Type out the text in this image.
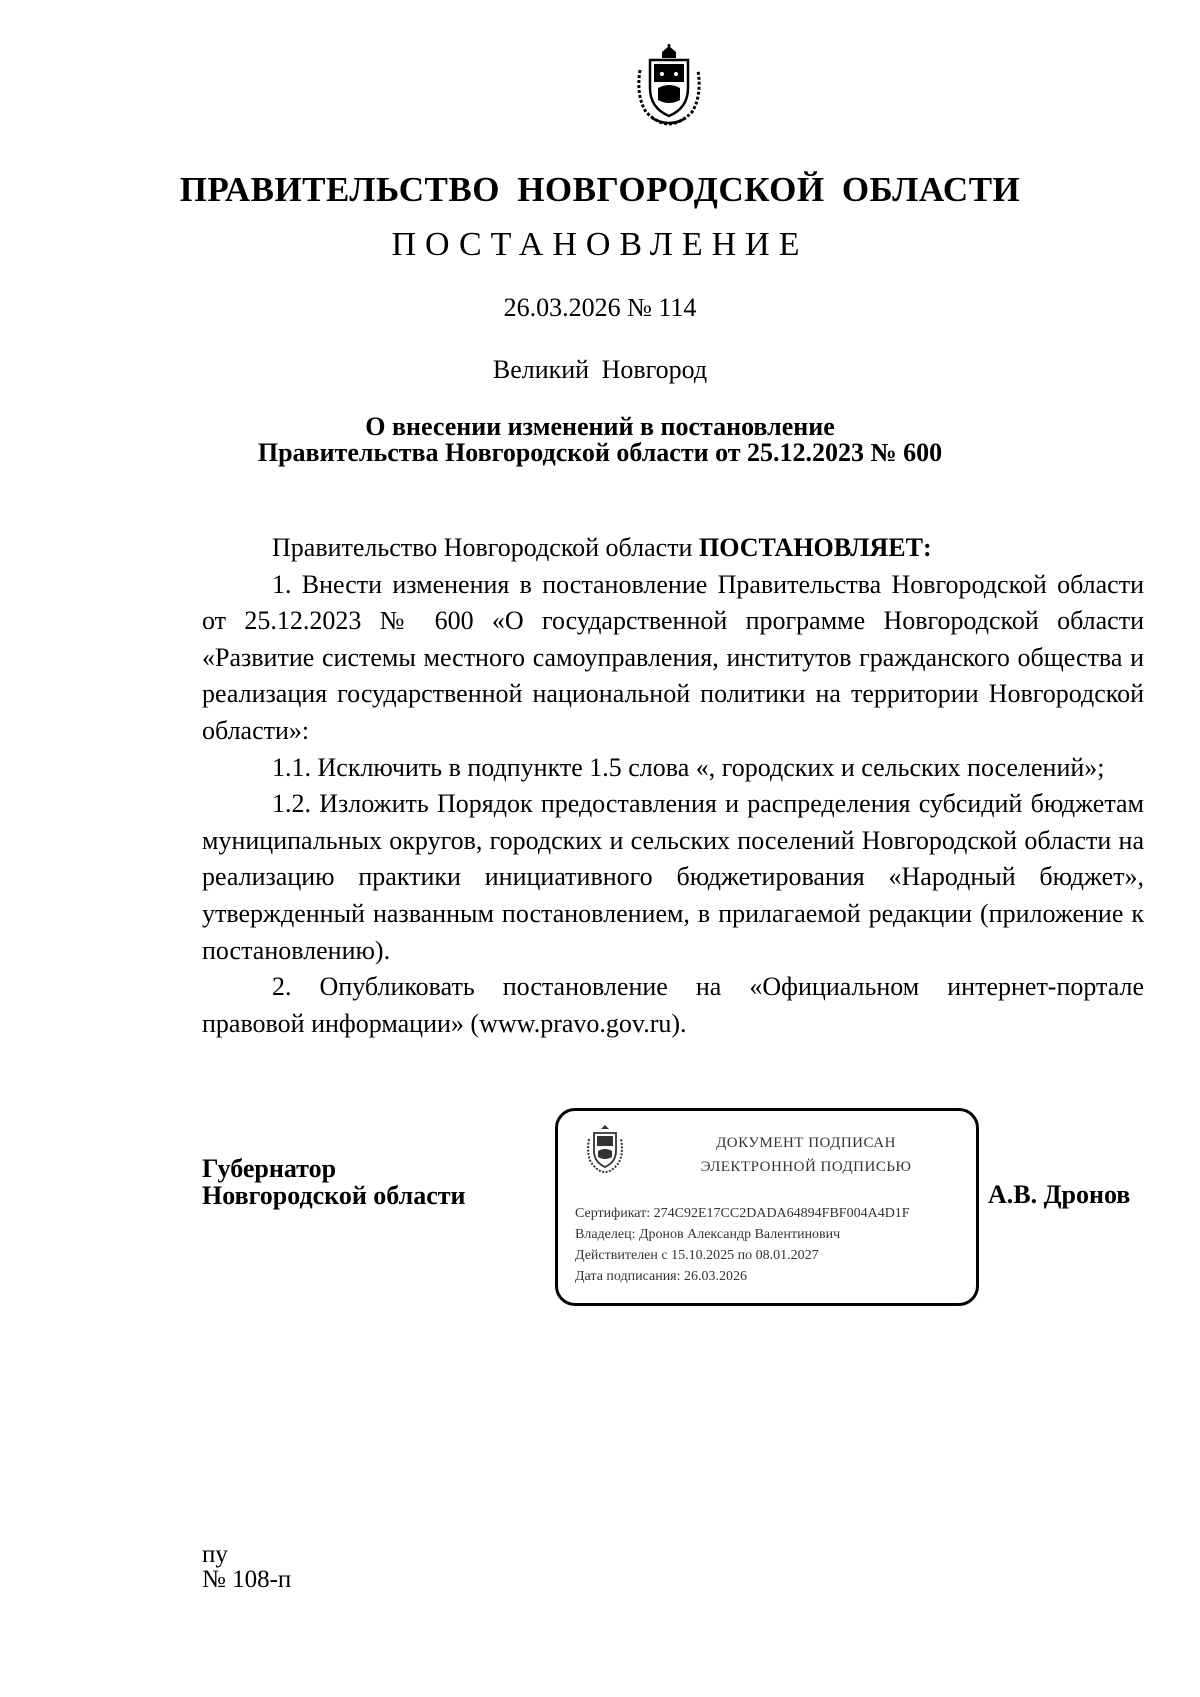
ПРАВИТЕЛЬСТВО НОВГОРОДСКОЙ ОБЛАСТИ
ПОСТАНОВЛЕНИЕ
26.03.2026 № 114
Великий Новгород
О внесении изменений в постановление
Правительства Новгородской области от 25.12.2023 № 600

Правительство Новгородской области ПОСТАНОВЛЯЕТ:

1. Внести изменения в постановление Правительства Новгородской области от 25.12.2023 № 600 «О государственной программе Новгородской области «Развитие системы местного самоуправления, институтов гражданского общества и реализация государственной национальной политики на территории Новгородской области»:

1.1. Исключить в подпункте 1.5 слова «, городских и сельских поселений»;

1.2. Изложить Порядок предоставления и распределения субсидий бюджетам муниципальных округов, городских и сельских поселений Новгородской области на реализацию практики инициативного бюджетирования «Народный бюджет», утвержденный названным постановлением, в прилагаемой редакции (приложение к постановлению).

2. Опубликовать постановление на «Официальном интернет-портале правовой информации» (www.pravo.gov.ru).

Губернатор
Новгородской области	А.В. Дронов
ДОКУМЕНТ ПОДПИСАН
ЭЛЕКТРОННОЙ ПОДПИСЬЮ
Сертификат: 274C92E17CC2DADA64894FBF004A4D1F
Владелец: Дронов Александр Валентинович
Действителен с 15.10.2025 по 08.01.2027
Дата подписания: 26.03.2026
пу
№ 108-п
